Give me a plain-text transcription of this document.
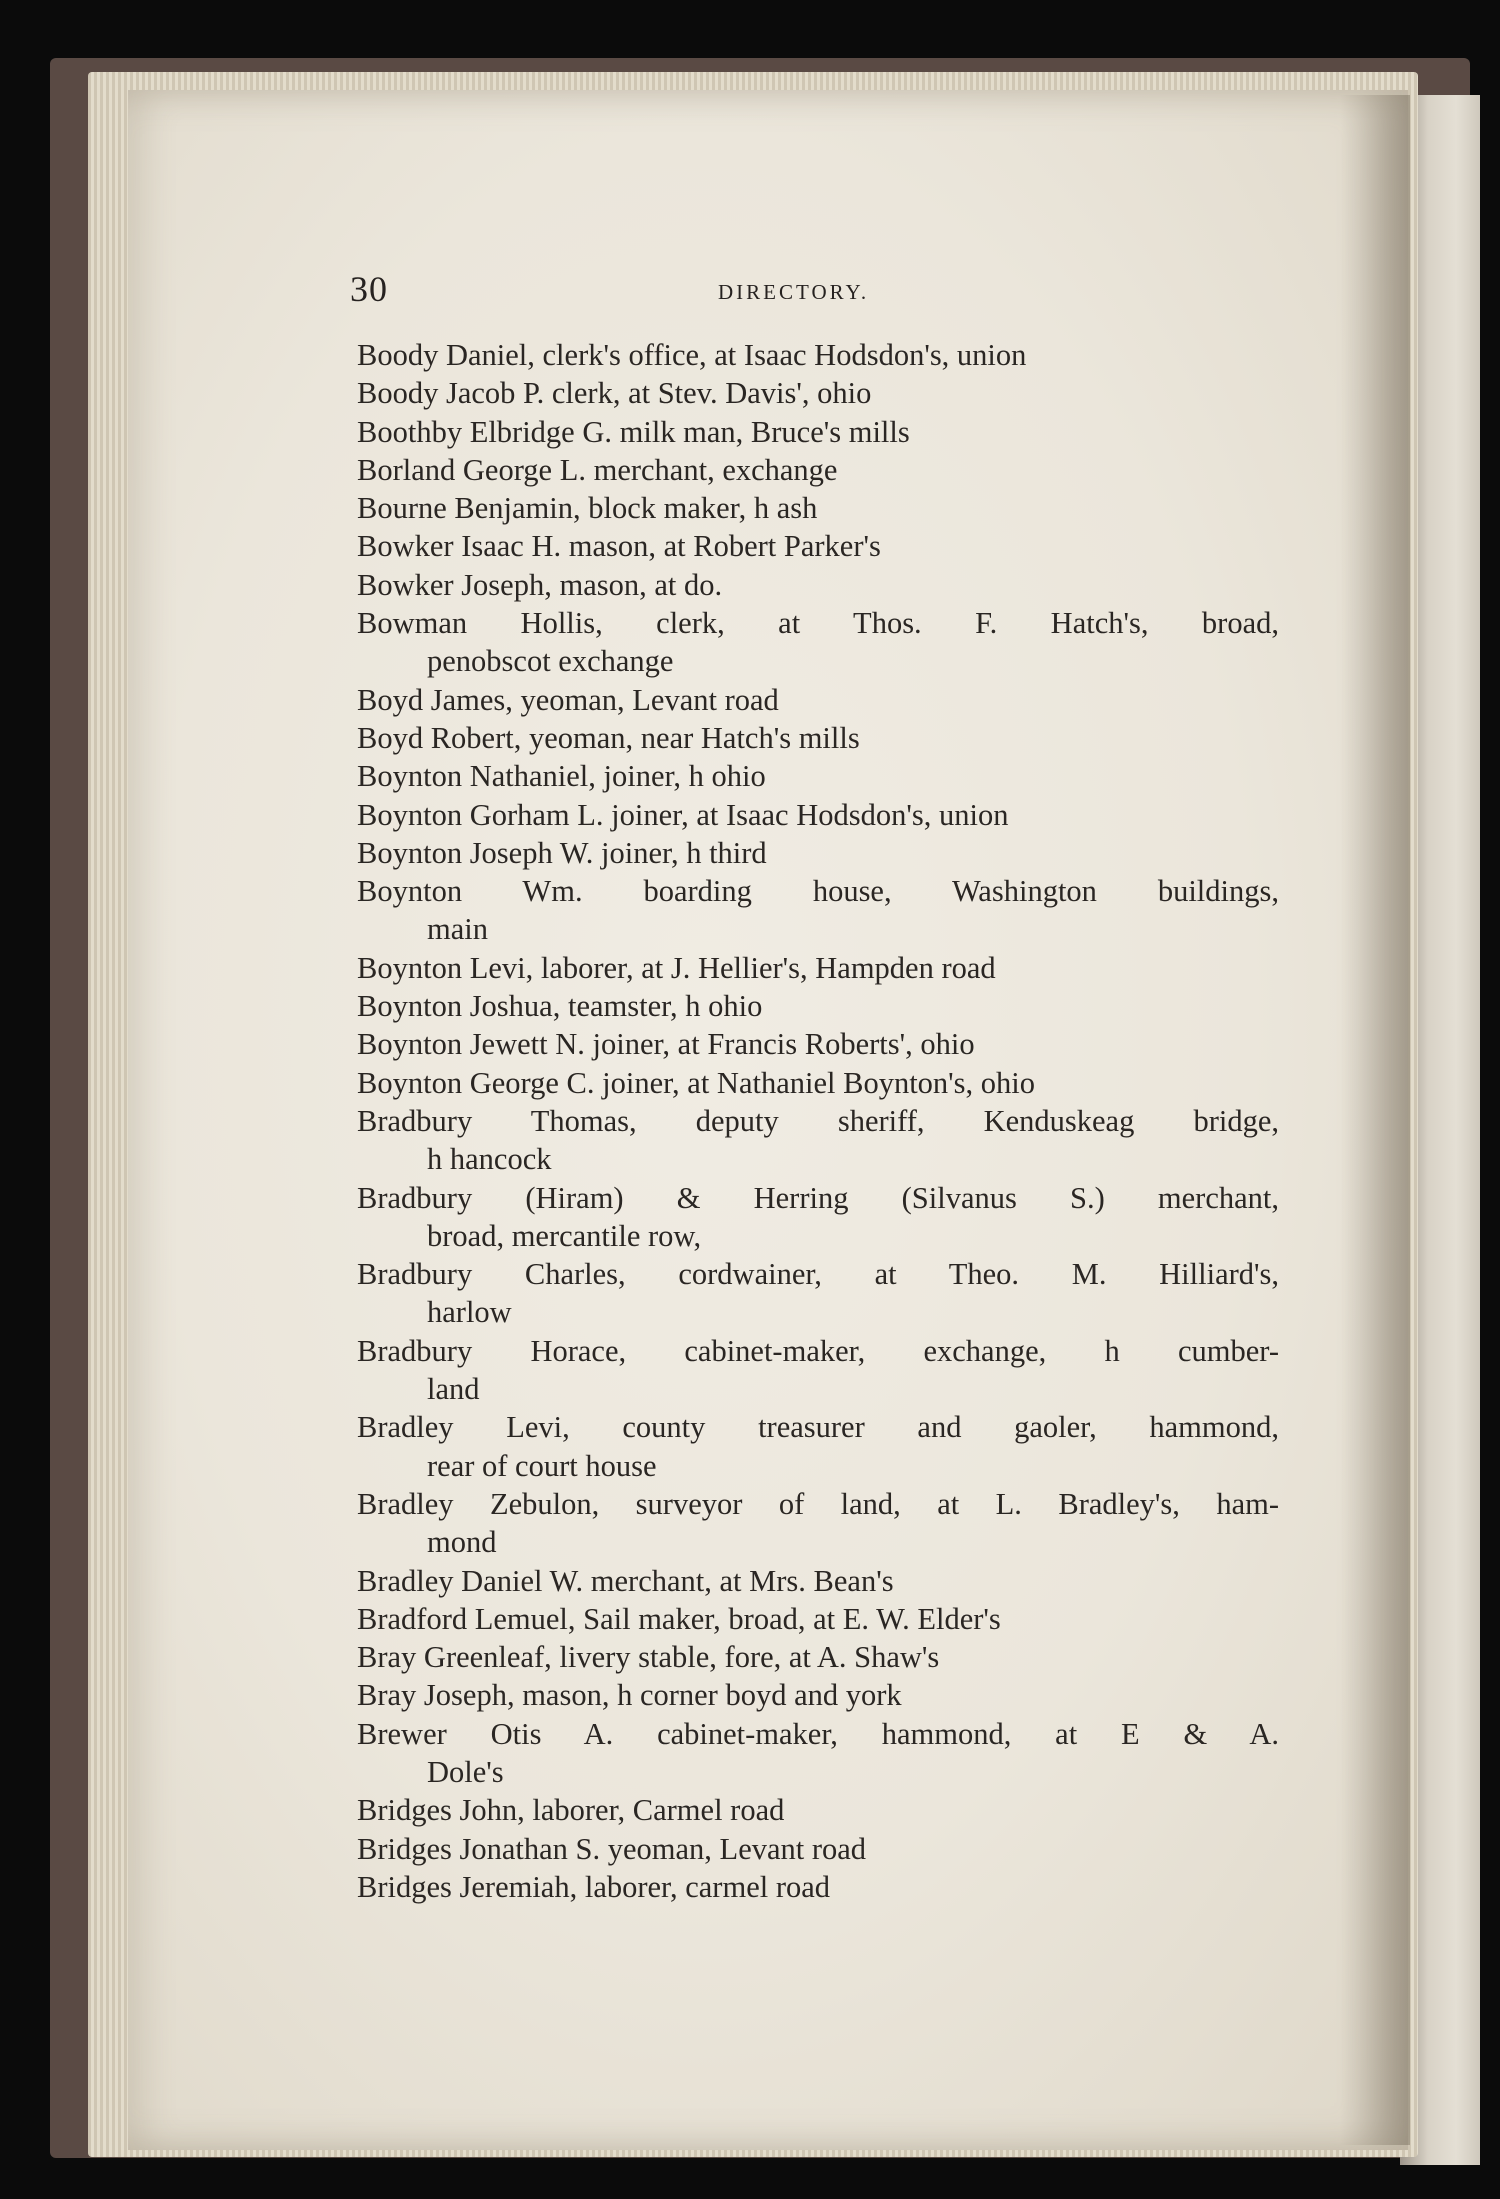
30	DIRECTORY.
Boody Daniel, clerk's office, at Isaac Hodsdon's, union
Boody Jacob P. clerk, at Stev. Davis', ohio
Boothby Elbridge G. milk man, Bruce's mills
Borland George L. merchant, exchange
Bourne Benjamin, block maker, h ash
Bowker Isaac H. mason, at Robert Parker's
Bowker Joseph, mason, at do.
Bowman Hollis, clerk, at Thos. F. Hatch's, broad,
penobscot exchange
Boyd James, yeoman, Levant road
Boyd Robert, yeoman, near Hatch's mills
Boynton Nathaniel, joiner, h ohio
Boynton Gorham L. joiner, at Isaac Hodsdon's, union
Boynton Joseph W. joiner, h third
Boynton Wm. boarding house, Washington buildings,
main
Boynton Levi, laborer, at J. Hellier's, Hampden road
Boynton Joshua, teamster, h ohio
Boynton Jewett N. joiner, at Francis Roberts', ohio
Boynton George C. joiner, at Nathaniel Boynton's, ohio
Bradbury Thomas, deputy sheriff, Kenduskeag bridge,
h hancock
Bradbury (Hiram) & Herring (Silvanus S.) merchant,
broad, mercantile row,
Bradbury Charles, cordwainer, at Theo. M. Hilliard's,
harlow
Bradbury Horace, cabinet-maker, exchange, h cumber-
land
Bradley Levi, county treasurer and gaoler, hammond,
rear of court house
Bradley Zebulon, surveyor of land, at L. Bradley's, ham-
mond
Bradley Daniel W. merchant, at Mrs. Bean's
Bradford Lemuel, Sail maker, broad, at E. W. Elder's
Bray Greenleaf, livery stable, fore, at A. Shaw's
Bray Joseph, mason, h corner boyd and york
Brewer Otis A. cabinet-maker, hammond, at E & A.
Dole's
Bridges John, laborer, Carmel road
Bridges Jonathan S. yeoman, Levant road
Bridges Jeremiah, laborer, carmel road
